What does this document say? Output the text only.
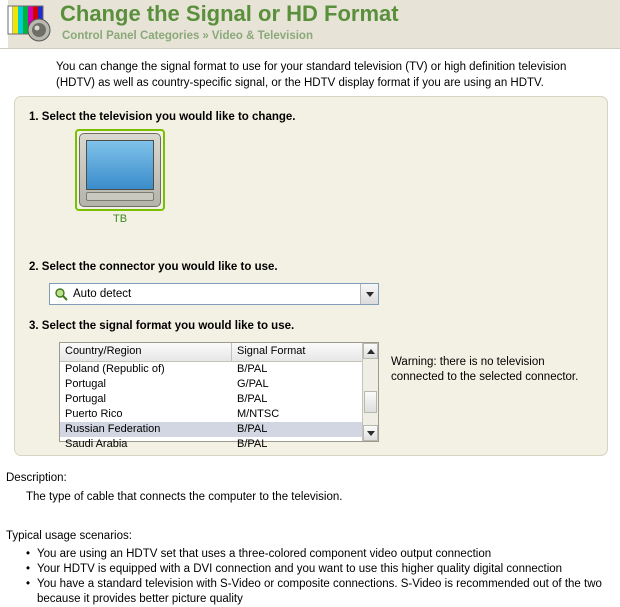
Change the Signal or HD Format
Control Panel Categories » Video & Television
You can change the signal format to use for your standard television (TV) or high definition television (HDTV) as well as country-specific signal, or the HDTV display format if you are using an HDTV.
1. Select the television you would like to change.
TB
2. Select the connector you would like to use.
Auto detect
3. Select the signal format you would like to use.
Country/Region	Signal Format
Poland (Republic of)	B/PAL
Portugal	G/PAL
Portugal	B/PAL
Puerto Rico	M/NTSC
Russian Federation	B/PAL
Saudi Arabia	B/PAL
Warning: there is no television connected to the selected connector.
Description:
The type of cable that connects the computer to the television.
Typical usage scenarios:
• You are using an HDTV set that uses a three-colored component video output connection
• Your HDTV is equipped with a DVI connection and you want to use this higher quality digital connection
• You have a standard television with S-Video or composite connections. S-Video is recommended out of the two because it provides better picture quality
